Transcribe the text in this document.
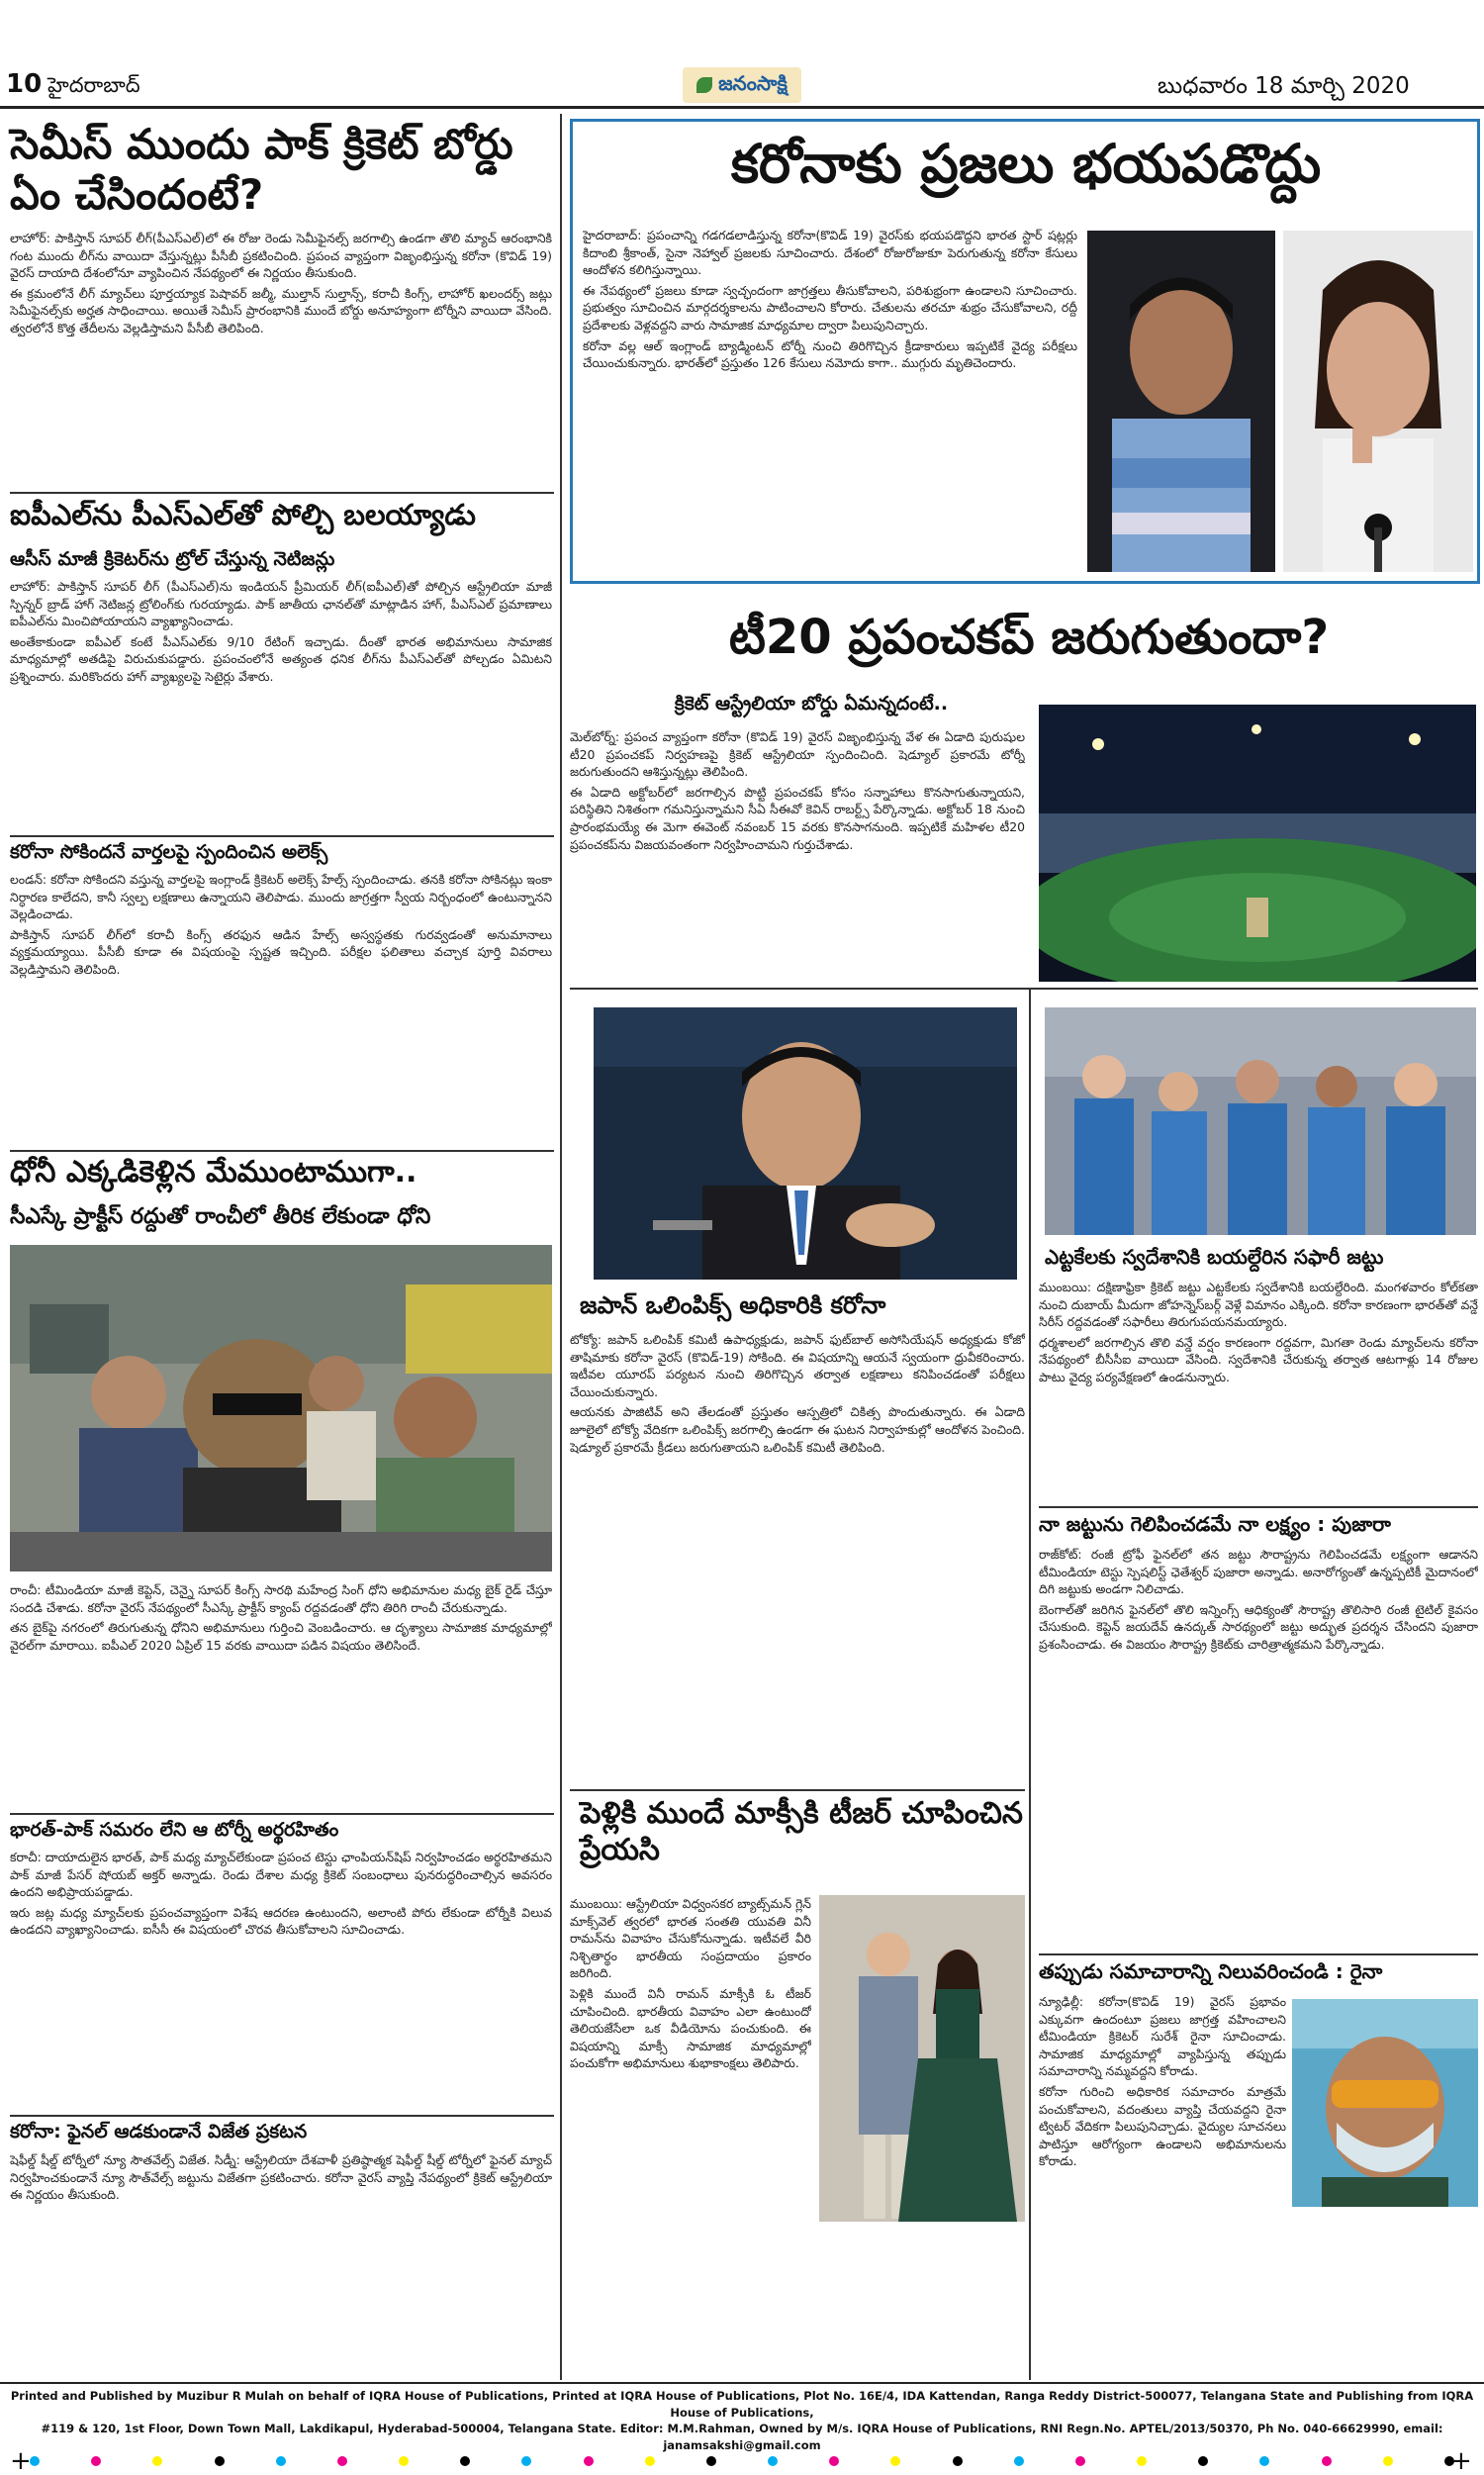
10 హైదరాబాద్	జనంసాక్షి	బుధవారం 18 మార్చి 2020
సెమీస్ ముందు పాక్ క్రికెట్ బోర్డు ఏం చేసిందంటే?

లాహోర్: పాకిస్తాన్ సూపర్ లీగ్(పీఎస్ఎల్)లో ఈ రోజు రెండు సెమీఫైనల్స్ జరగాల్సి ఉండగా తొలి మ్యాచ్ ఆరంభానికి గంట ముందు లీగ్‌ను వాయిదా వేస్తున్నట్లు పీసీబీ ప్రకటించింది. ప్రపంచ వ్యాప్తంగా విజృంభిస్తున్న కరోనా (కొవిడ్ 19) వైరస్ దాయాది దేశంలోనూ వ్యాపించిన నేపథ్యంలో ఈ నిర్ణయం తీసుకుంది.

ఈ క్రమంలోనే లీగ్ మ్యాచ్‌లు పూర్తయ్యాక పెషావర్ జల్మీ, ముల్తాన్ సుల్తాన్స్, కరాచీ కింగ్స్, లాహోర్ ఖలందర్స్ జట్లు సెమీఫైనల్స్‌కు అర్హత సాధించాయి. అయితే సెమీస్ ప్రారంభానికి ముందే బోర్డు అనూహ్యంగా టోర్నీని వాయిదా వేసింది. త్వరలోనే కొత్త తేదీలను వెల్లడిస్తామని పీసీబీ తెలిపింది.

ఐపీఎల్‌ను పీఎస్ఎల్‌తో పోల్చి బలయ్యాడు
ఆసీస్ మాజీ క్రికెటర్‌ను ట్రోల్ చేస్తున్న నెటిజన్లు

లాహోర్: పాకిస్తాన్ సూపర్ లీగ్ (పీఎస్ఎల్)ను ఇండియన్ ప్రీమియర్ లీగ్(ఐపీఎల్)తో పోల్చిన ఆస్ట్రేలియా మాజీ స్పిన్నర్ బ్రాడ్ హాగ్ నెటిజన్ల ట్రోలింగ్‌కు గురయ్యాడు. పాక్ జాతీయ ఛానల్‌తో మాట్లాడిన హాగ్, పీఎస్ఎల్ ప్రమాణాలు ఐపీఎల్‌ను మించిపోయాయని వ్యాఖ్యానించాడు.

అంతేకాకుండా ఐపీఎల్ కంటే పీఎస్ఎల్‌కు 9/10 రేటింగ్ ఇచ్చాడు. దీంతో భారత అభిమానులు సామాజిక మాధ్యమాల్లో అతడిపై విరుచుకుపడ్డారు. ప్రపంచంలోనే అత్యంత ధనిక లీగ్‌ను పీఎస్ఎల్‌తో పోల్చడం ఏమిటని ప్రశ్నించారు. మరికొందరు హాగ్ వ్యాఖ్యలపై సెటైర్లు వేశారు.

కరోనా సోకిందనే వార్తలపై స్పందించిన అలెక్స్

లండన్: కరోనా సోకిందని వస్తున్న వార్తలపై ఇంగ్లాండ్ క్రికెటర్ అలెక్స్ హేల్స్ స్పందించాడు. తనకి కరోనా సోకినట్లు ఇంకా నిర్ధారణ కాలేదని, కానీ స్వల్ప లక్షణాలు ఉన్నాయని తెలిపాడు. ముందు జాగ్రత్తగా స్వీయ నిర్బంధంలో ఉంటున్నానని వెల్లడించాడు.

పాకిస్తాన్ సూపర్ లీగ్‌లో కరాచీ కింగ్స్ తరఫున ఆడిన హేల్స్ అస్వస్థతకు గురవ్వడంతో అనుమానాలు వ్యక్తమయ్యాయి. పీసీబీ కూడా ఈ విషయంపై స్పష్టత ఇచ్చింది. పరీక్షల ఫలితాలు వచ్చాక పూర్తి వివరాలు వెల్లడిస్తామని తెలిపింది.

ధోనీ ఎక్కడికెళ్లిన మేముంటాముగా..
సీఎస్కే ప్రాక్టీస్ రద్దుతో రాంచీలో తీరిక లేకుండా ధోని

రాంచీ: టీమిండియా మాజీ కెప్టెన్, చెన్నై సూపర్ కింగ్స్ సారథి మహేంద్ర సింగ్ ధోని అభిమానుల మధ్య బైక్ రైడ్ చేస్తూ సందడి చేశాడు. కరోనా వైరస్ నేపథ్యంలో సీఎస్కే ప్రాక్టీస్ క్యాంప్ రద్దవడంతో ధోని తిరిగి రాంచీ చేరుకున్నాడు.

తన బైక్‌పై నగరంలో తిరుగుతున్న ధోనిని అభిమానులు గుర్తించి వెంబడించారు. ఆ దృశ్యాలు సామాజిక మాధ్యమాల్లో వైరల్‌గా మారాయి. ఐపీఎల్ 2020 ఏప్రిల్ 15 వరకు వాయిదా పడిన విషయం తెలిసిందే.

భారత్-పాక్ సమరం లేని ఆ టోర్నీ అర్థరహితం

కరాచీ: దాయాదులైన భారత్, పాక్ మధ్య మ్యాచ్‌లేకుండా ప్రపంచ టెస్టు ఛాంపియన్‌షిప్ నిర్వహించడం అర్థరహితమని పాక్ మాజీ పేసర్ షోయబ్ అక్తర్ అన్నాడు. రెండు దేశాల మధ్య క్రికెట్ సంబంధాలు పునరుద్ధరించాల్సిన అవసరం ఉందని అభిప్రాయపడ్డాడు.

ఇరు జట్ల మధ్య మ్యాచ్‌లకు ప్రపంచవ్యాప్తంగా విశేష ఆదరణ ఉంటుందని, అలాంటి పోరు లేకుండా టోర్నీకి విలువ ఉండదని వ్యాఖ్యానించాడు. ఐసీసీ ఈ విషయంలో చొరవ తీసుకోవాలని సూచించాడు.

కరోనా: ఫైనల్ ఆడకుండానే విజేత ప్రకటన

షెఫీల్డ్ షీల్డ్ టోర్నీలో న్యూ సౌతవేల్స్ విజేత. సిడ్నీ: ఆస్ట్రేలియా దేశవాళీ ప్రతిష్ఠాత్మక షెఫీల్డ్ షీల్డ్ టోర్నీలో ఫైనల్ మ్యాచ్ నిర్వహించకుండానే న్యూ సౌత్‌వేల్స్ జట్టును విజేతగా ప్రకటించారు. కరోనా వైరస్ వ్యాప్తి నేపథ్యంలో క్రికెట్ ఆస్ట్రేలియా ఈ నిర్ణయం తీసుకుంది.

కరోనాకు ప్రజలు భయపడొద్దు

హైదరాబాద్: ప్రపంచాన్ని గడగడలాడిస్తున్న కరోనా(కొవిడ్ 19) వైరస్‌కు భయపడొద్దని భారత స్టార్ షట్లర్లు కిదాంబి శ్రీకాంత్, సైనా నెహ్వాల్ ప్రజలకు సూచించారు. దేశంలో రోజురోజుకూ పెరుగుతున్న కరోనా కేసులు ఆందోళన కలిగిస్తున్నాయి.

ఈ నేపథ్యంలో ప్రజలు కూడా స్వచ్ఛందంగా జాగ్రత్తలు తీసుకోవాలని, పరిశుభ్రంగా ఉండాలని సూచించారు. ప్రభుత్వం సూచించిన మార్గదర్శకాలను పాటించాలని కోరారు. చేతులను తరచూ శుభ్రం చేసుకోవాలని, రద్దీ ప్రదేశాలకు వెళ్లవద్దని వారు సామాజిక మాధ్యమాల ద్వారా పిలుపునిచ్చారు.

కరోనా వల్ల ఆల్ ఇంగ్లాండ్ బ్యాడ్మింటన్ టోర్నీ నుంచి తిరిగొచ్చిన క్రీడాకారులు ఇప్పటికే వైద్య పరీక్షలు చేయించుకున్నారు. భారత్‌లో ప్రస్తుతం 126 కేసులు నమోదు కాగా.. ముగ్గురు మృతిచెందారు.

టీ20 ప్రపంచకప్ జరుగుతుందా?
క్రికెట్ ఆస్ట్రేలియా బోర్డు ఏమన్నదంటే..

మెల్‌బోర్న్: ప్రపంచ వ్యాప్తంగా కరోనా (కొవిడ్ 19) వైరస్ విజృంభిస్తున్న వేళ ఈ ఏడాది పురుషుల టీ20 ప్రపంచకప్ నిర్వహణపై క్రికెట్ ఆస్ట్రేలియా స్పందించింది. షెడ్యూల్ ప్రకారమే టోర్నీ జరుగుతుందని ఆశిస్తున్నట్లు తెలిపింది.

ఈ ఏడాది అక్టోబర్‌లో జరగాల్సిన పొట్టి ప్రపంచకప్ కోసం సన్నాహాలు కొనసాగుతున్నాయని, పరిస్థితిని నిశితంగా గమనిస్తున్నామని సీఏ సీఈవో కెవిన్ రాబర్ట్స్ పేర్కొన్నాడు. అక్టోబర్ 18 నుంచి ప్రారంభమయ్యే ఈ మెగా ఈవెంట్ నవంబర్ 15 వరకు కొనసాగనుంది. ఇప్పటికే మహిళల టీ20 ప్రపంచకప్‌ను విజయవంతంగా నిర్వహించామని గుర్తుచేశాడు.

జపాన్ ఒలింపిక్స్ అధికారికి కరోనా

టోక్యో: జపాన్ ఒలింపిక్ కమిటీ ఉపాధ్యక్షుడు, జపాన్ ఫుట్‌బాల్ అసోసియేషన్ అధ్యక్షుడు కోజో తాషిమాకు కరోనా వైరస్ (కొవిడ్-19) సోకింది. ఈ విషయాన్ని ఆయనే స్వయంగా ధ్రువీకరించారు. ఇటీవల యూరప్ పర్యటన నుంచి తిరిగొచ్చిన తర్వాత లక్షణాలు కనిపించడంతో పరీక్షలు చేయించుకున్నారు.

ఆయనకు పాజిటివ్ అని తేలడంతో ప్రస్తుతం ఆస్పత్రిలో చికిత్స పొందుతున్నారు. ఈ ఏడాది జూలైలో టోక్యో వేదికగా ఒలింపిక్స్ జరగాల్సి ఉండగా ఈ ఘటన నిర్వాహకుల్లో ఆందోళన పెంచింది. షెడ్యూల్ ప్రకారమే క్రీడలు జరుగుతాయని ఒలింపిక్ కమిటీ తెలిపింది.

పెళ్లికి ముందే మాక్సీకి టీజర్ చూపించిన ప్రేయసి

ముంబయి: ఆస్ట్రేలియా విధ్వంసకర బ్యాట్స్‌మన్ గ్లెన్ మాక్స్‌వెల్ త్వరలో భారత సంతతి యువతి వినీ రామన్‌ను వివాహం చేసుకోనున్నాడు. ఇటీవలే వీరి నిశ్చితార్థం భారతీయ సంప్రదాయం ప్రకారం జరిగింది.

పెళ్లికి ముందే వినీ రామన్ మాక్సీకి ఓ టీజర్ చూపించింది. భారతీయ వివాహం ఎలా ఉంటుందో తెలియజేసేలా ఒక వీడియోను పంచుకుంది. ఈ విషయాన్ని మాక్సీ సామాజిక మాధ్యమాల్లో పంచుకోగా అభిమానులు శుభాకాంక్షలు తెలిపారు.

ఎట్టకేలకు స్వదేశానికి బయల్దేరిన సఫారీ జట్టు

ముంబయి: దక్షిణాఫ్రికా క్రికెట్ జట్టు ఎట్టకేలకు స్వదేశానికి బయల్దేరింది. మంగళవారం కోల్‌కతా నుంచి దుబాయ్ మీదుగా జోహన్నెస్‌బర్గ్ వెళ్లే విమానం ఎక్కింది. కరోనా కారణంగా భారత్‌తో వన్డే సిరీస్ రద్దవడంతో సఫారీలు తిరుగుపయనమయ్యారు.

ధర్మశాలలో జరగాల్సిన తొలి వన్డే వర్షం కారణంగా రద్దవగా, మిగతా రెండు మ్యాచ్‌లను కరోనా నేపథ్యంలో బీసీసీఐ వాయిదా వేసింది. స్వదేశానికి చేరుకున్న తర్వాత ఆటగాళ్లు 14 రోజుల పాటు వైద్య పర్యవేక్షణలో ఉండనున్నారు.

నా జట్టును గెలిపించడమే నా లక్ష్యం : పుజారా

రాజ్‌కోట్: రంజీ ట్రోఫీ ఫైనల్‌లో తన జట్టు సౌరాష్ట్రను గెలిపించడమే లక్ష్యంగా ఆడానని టీమిండియా టెస్టు స్పెషలిస్ట్ ఛెతేశ్వర్ పుజారా అన్నాడు. అనారోగ్యంతో ఉన్నప్పటికీ మైదానంలో దిగి జట్టుకు అండగా నిలిచాడు.

బెంగాల్‌తో జరిగిన ఫైనల్‌లో తొలి ఇన్నింగ్స్ ఆధిక్యంతో సౌరాష్ట్ర తొలిసారి రంజీ టైటిల్ కైవసం చేసుకుంది. కెప్టెన్ జయదేవ్ ఉనద్కత్ సారథ్యంలో జట్టు అద్భుత ప్రదర్శన చేసిందని పుజారా ప్రశంసించాడు. ఈ విజయం సౌరాష్ట్ర క్రికెట్‌కు చారిత్రాత్మకమని పేర్కొన్నాడు.

తప్పుడు సమాచారాన్ని నిలువరించండి : రైనా

న్యూఢిల్లీ: కరోనా(కొవిడ్ 19) వైరస్ ప్రభావం ఎక్కువగా ఉందంటూ ప్రజలు జాగ్రత్త వహించాలని టీమిండియా క్రికెటర్ సురేశ్ రైనా సూచించాడు. సామాజిక మాధ్యమాల్లో వ్యాపిస్తున్న తప్పుడు సమాచారాన్ని నమ్మవద్దని కోరాడు.

కరోనా గురించి అధికారిక సమాచారం మాత్రమే పంచుకోవాలని, వదంతులు వ్యాప్తి చేయవద్దని రైనా ట్విటర్ వేదికగా పిలుపునిచ్చాడు. వైద్యుల సూచనలు పాటిస్తూ ఆరోగ్యంగా ఉండాలని అభిమానులను కోరాడు.

Printed and Published by Muzibur R Mulah on behalf of IQRA House of Publications, Printed at IQRA House of Publications, Plot No. 16E/4, IDA Kattendan, Ranga Reddy District-500077, Telangana State and Publishing from IQRA House of Publications,
#119 & 120, 1st Floor, Down Town Mall, Lakdikapul, Hyderabad-500004, Telangana State. Editor: M.M.Rahman, Owned by M/s. IQRA House of Publications, RNI Regn.No. APTEL/2013/50370, Ph No. 040-66629990, email: janamsakshi@gmail.com
+	+
